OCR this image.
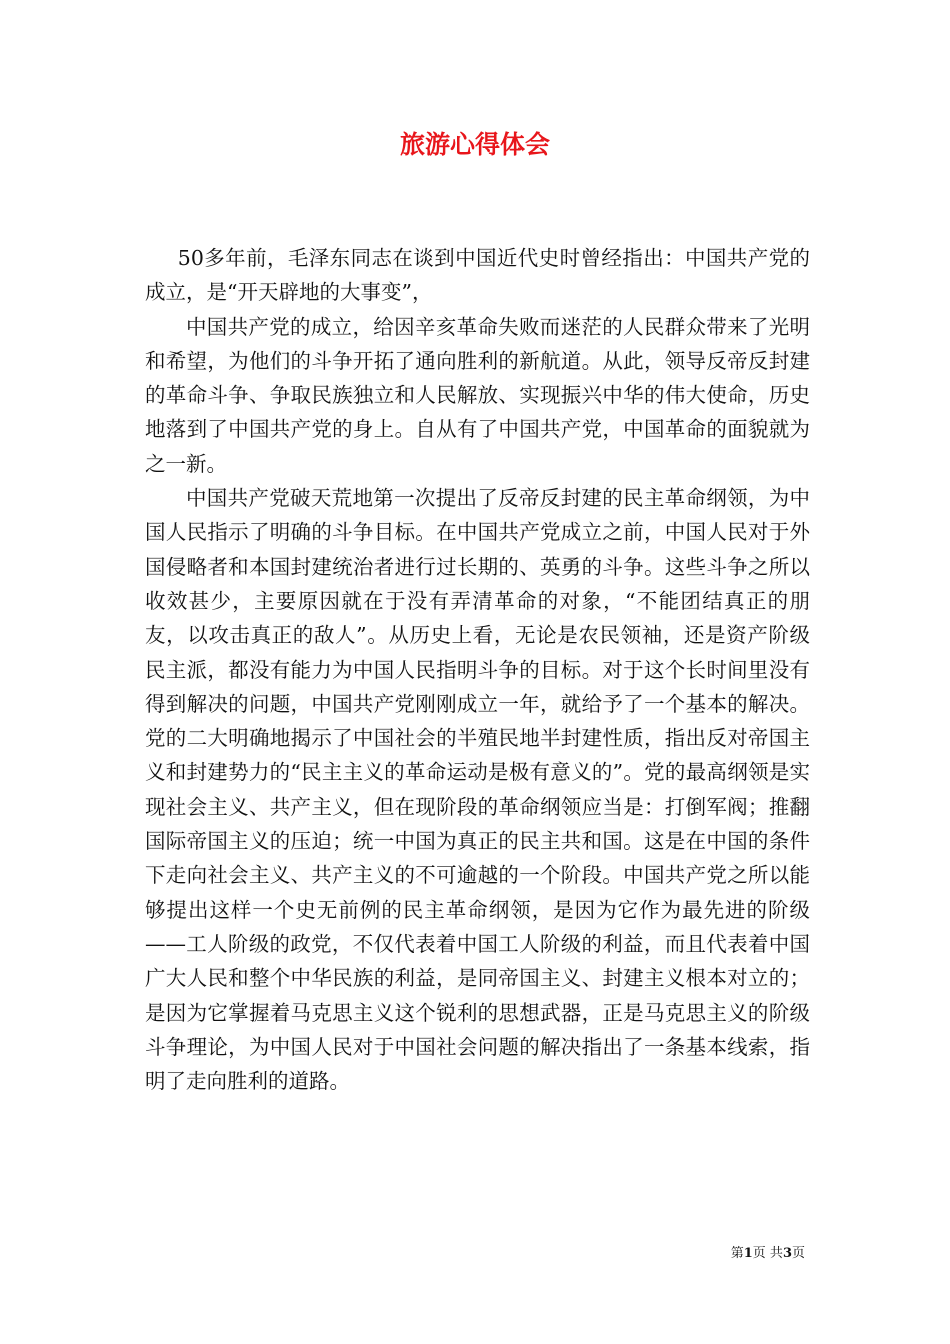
旅游心得体会

50多年前，毛泽东同志在谈到中国近代史时曾经指出：中国共产党的成立，是“开天辟地的大事变”，

中国共产党的成立，给因辛亥革命失败而迷茫的人民群众带来了光明和希望，为他们的斗争开拓了通向胜利的新航道。从此，领导反帝反封建的革命斗争、争取民族独立和人民解放、实现振兴中华的伟大使命，历史地落到了中国共产党的身上。自从有了中国共产党，中国革命的面貌就为之一新。

中国共产党破天荒地第一次提出了反帝反封建的民主革命纲领，为中国人民指示了明确的斗争目标。在中国共产党成立之前，中国人民对于外国侵略者和本国封建统治者进行过长期的、英勇的斗争。这些斗争之所以收效甚少，主要原因就在于没有弄清革命的对象，“不能团结真正的朋友，以攻击真正的敌人”。从历史上看，无论是农民领袖，还是资产阶级民主派，都没有能力为中国人民指明斗争的目标。对于这个长时间里没有得到解决的问题，中国共产党刚刚成立一年，就给予了一个基本的解决。党的二大明确地揭示了中国社会的半殖民地半封建性质，指出反对帝国主义和封建势力的“民主主义的革命运动是极有意义的”。党的最高纲领是实现社会主义、共产主义，但在现阶段的革命纲领应当是：打倒军阀；推翻国际帝国主义的压迫；统一中国为真正的民主共和国。这是在中国的条件下走向社会主义、共产主义的不可逾越的一个阶段。中国共产党之所以能够提出这样一个史无前例的民主革命纲领，是因为它作为最先进的阶级——工人阶级的政党，不仅代表着中国工人阶级的利益，而且代表着中国广大人民和整个中华民族的利益，是同帝国主义、封建主义根本对立的；是因为它掌握着马克思主义这个锐利的思想武器，正是马克思主义的阶级斗争理论，为中国人民对于中国社会问题的解决指出了一条基本线索，指明了走向胜利的道路。

第1页 共3页
